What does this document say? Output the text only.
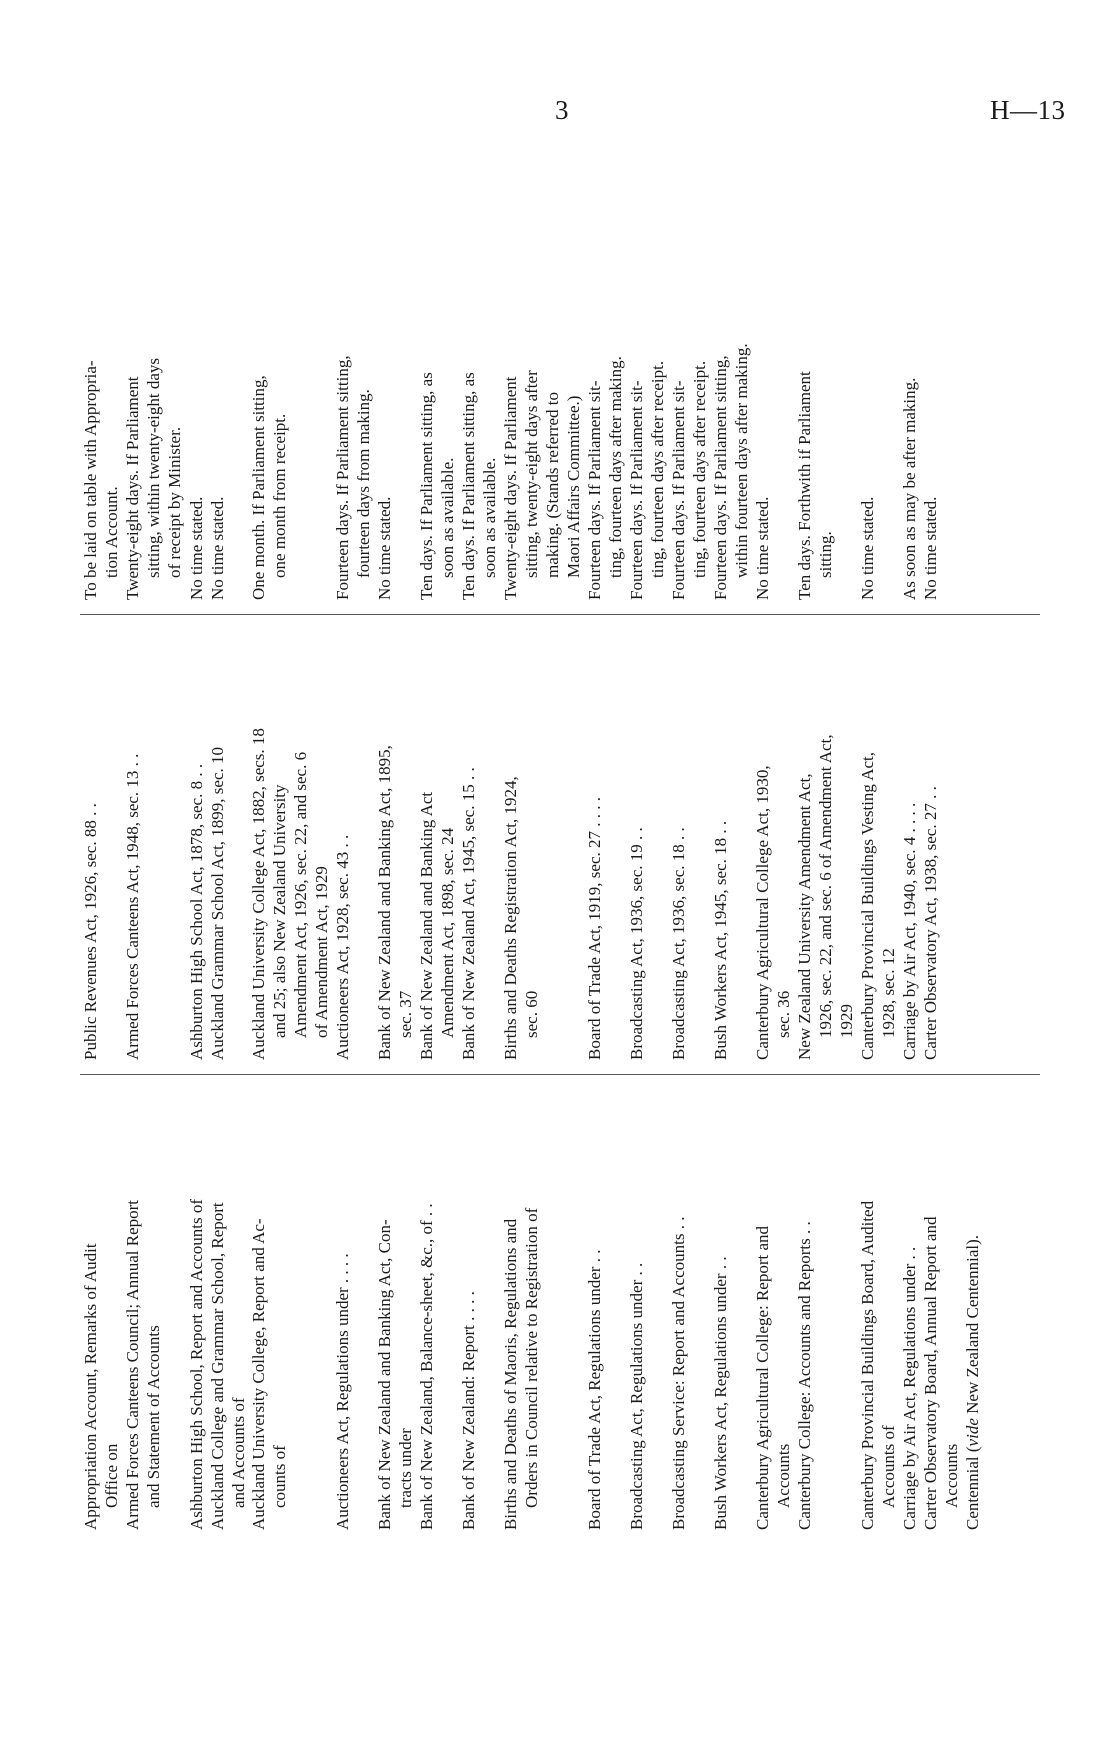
3	H—13
Appropriation Account, Remarks of Audit Office on
Public Revenues Act, 1926, sec. 88 . .
To be laid on table with Appropria- tion Account.
Armed Forces Canteens Council; Annual Report and Statement of Accounts
Armed Forces Canteens Act, 1948, sec. 13 . .
Twenty-eight days. If Parliament sitting, within twenty-eight days of receipt by Minister.
Ashburton High School, Report and Accounts of
Ashburton High School Act, 1878, sec. 8 . .
No time stated.
Auckland College and Grammar School, Report and Accounts of
Auckland Grammar School Act, 1899, sec. 10
No time stated.
Auckland University College, Report and Ac- counts of
Auckland University College Act, 1882, secs. 18 and 25; also New Zealand University Amendment Act, 1926, sec. 22, and sec. 6 of Amendment Act, 1929
One month. If Parliament sitting, one month from receipt.
Auctioneers Act, Regulations under . . . .
Auctioneers Act, 1928, sec. 43 . .
Fourteen days. If Parliament sitting, fourteen days from making.
Bank of New Zealand and Banking Act, Con- tracts under
Bank of New Zealand and Banking Act, 1895, sec. 37
No time stated.
Bank of New Zealand, Balance-sheet, &c., of . .
Bank of New Zealand and Banking Act Amendment Act, 1898, sec. 24
Ten days. If Parliament sitting, as soon as available.
Bank of New Zealand: Report . . . .
Bank of New Zealand Act, 1945, sec. 15 . .
Ten days. If Parliament sitting, as soon as available.
Births and Deaths of Maoris, Regulations and Orders in Council relative to Registration of
Births and Deaths Registration Act, 1924, sec. 60
Twenty-eight days. If Parliament sitting, twenty-eight days after making. (Stands referred to Maori Affairs Committee.)
Board of Trade Act, Regulations under . .
Board of Trade Act, 1919, sec. 27 . . . .
Fourteen days. If Parliament sit- ting, fourteen days after making.
Broadcasting Act, Regulations under . .
Broadcasting Act, 1936, sec. 19 . .
Fourteen days. If Parliament sit- ting, fourteen days after receipt.
Broadcasting Service: Report and Accounts . .
Broadcasting Act, 1936, sec. 18 . .
Fourteen days. If Parliament sit- ting, fourteen days after receipt.
Bush Workers Act, Regulations under . .
Bush Workers Act, 1945, sec. 18 . .
Fourteen days. If Parliament sitting, within fourteen days after making.
Canterbury Agricultural College: Report and Accounts
Canterbury Agricultural College Act, 1930, sec. 36
No time stated.
Canterbury College: Accounts and Reports . .
New Zealand University Amendment Act, 1926, sec. 22, and sec. 6 of Amendment Act, 1929
Ten days. Forthwith if Parliament sitting.
Canterbury Provincial Buildings Board, Audited Accounts of
Canterbury Provincial Buildings Vesting Act, 1928, sec. 12
No time stated.
Carriage by Air Act, Regulations under . .
Carriage by Air Act, 1940, sec. 4 . . . .
As soon as may be after making.
Carter Observatory Board, Annual Report and Accounts
Carter Observatory Act, 1938, sec. 27 . .
No time stated.
Centennial (vide New Zealand Centennial).
